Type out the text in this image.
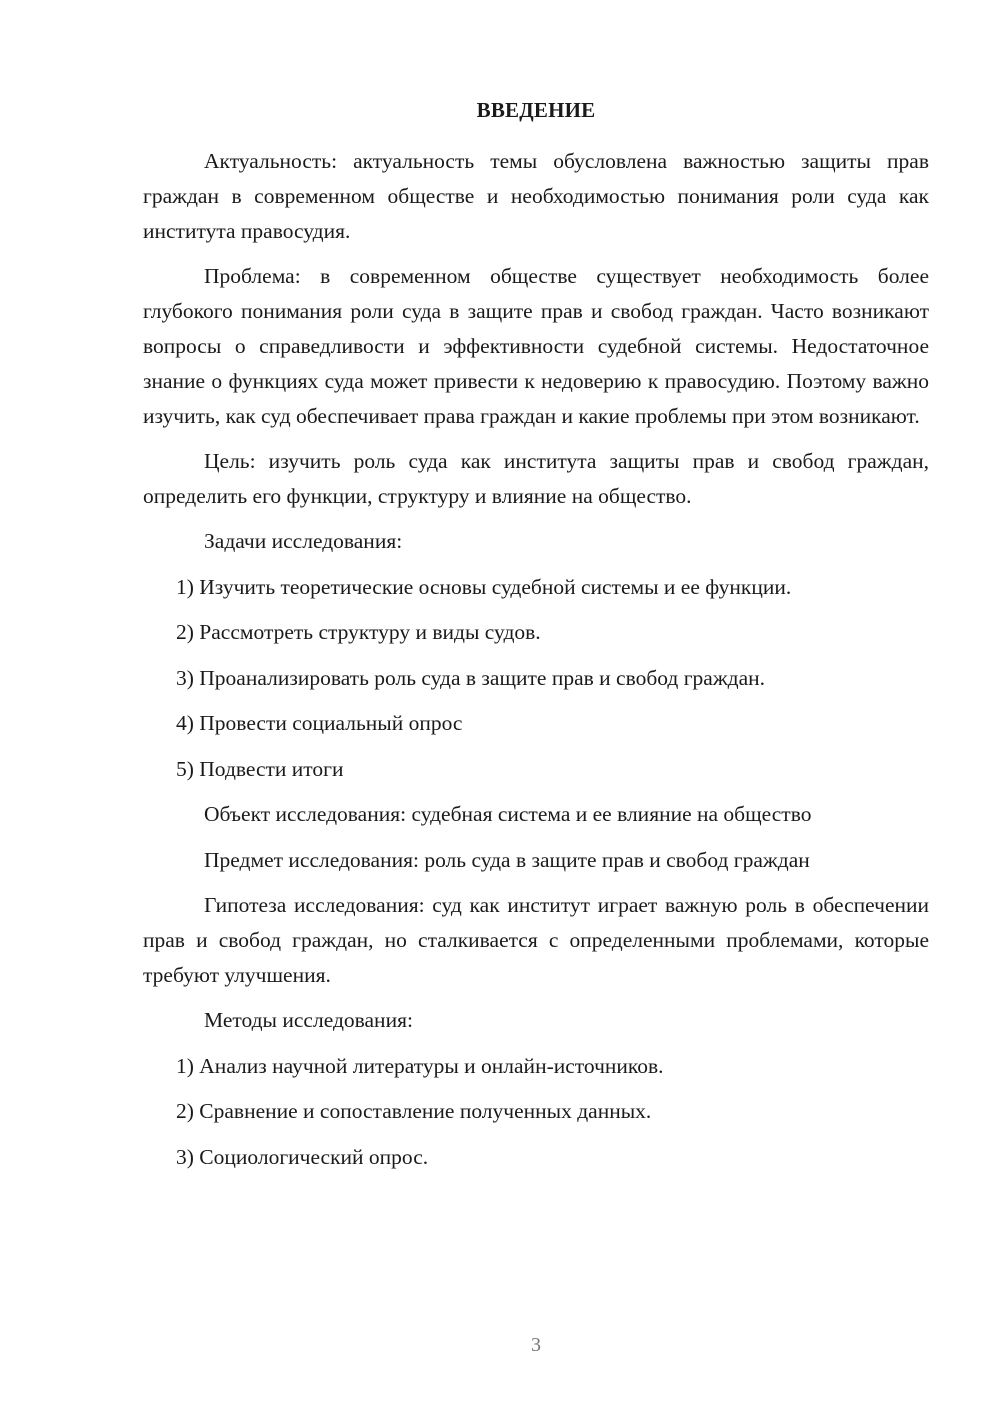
ВВЕДЕНИЕ

Актуальность: актуальность темы обусловлена важностью защиты прав граждан в современном обществе и необходимостью понимания роли суда как института правосудия.

Проблема: в современном обществе существует необходимость более глубокого понимания роли суда в защите прав и свобод граждан. Часто возникают вопросы о справедливости и эффективности судебной системы. Недостаточное знание о функциях суда может привести к недоверию к правосудию. Поэтому важно изучить, как суд обеспечивает права граждан и какие проблемы при этом возникают.

Цель: изучить роль суда как института защиты прав и свобод граждан, определить его функции, структуру и влияние на общество.

Задачи исследования:
1) Изучить теоретические основы судебной системы и ее функции.
2) Рассмотреть структуру и виды судов.
3) Проанализировать роль суда в защите прав и свобод граждан.
4) Провести социальный опрос
5) Подвести итоги
Объект исследования: судебная система и ее влияние на общество
Предмет исследования: роль суда в защите прав и свобод граждан

Гипотеза исследования: суд как институт играет важную роль в обеспечении прав и свобод граждан, но сталкивается с определенными проблемами, которые требуют улучшения.

Методы исследования:
1) Анализ научной литературы и онлайн-источников.
2) Сравнение и сопоставление полученных данных.
3) Социологический опрос.
3
